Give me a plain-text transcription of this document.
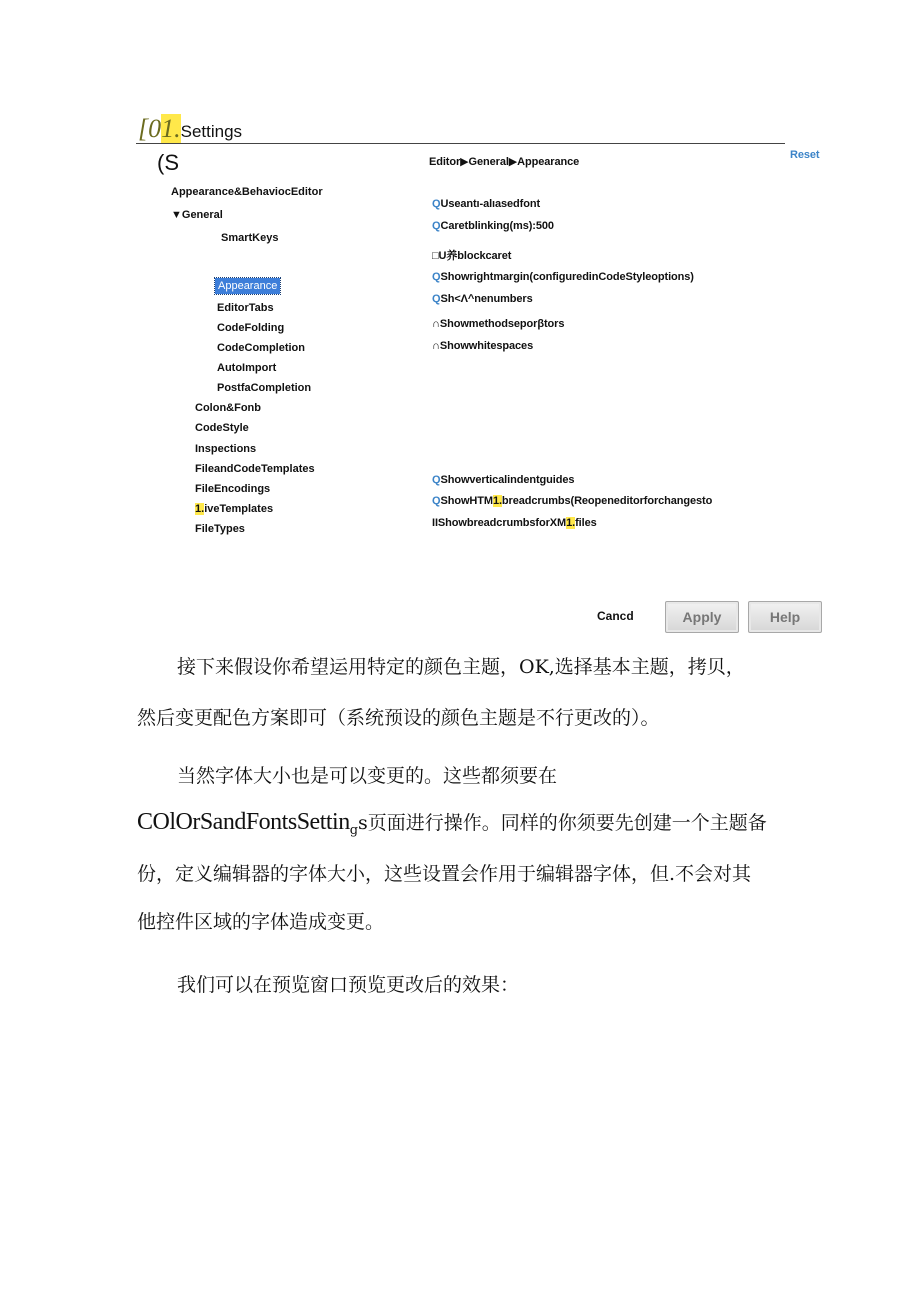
[01.Settings
(S	Editor▶General▶Appearance
Reset
Appearance&BehaviocEditor
▼General
SmartKeys
Appearance
EditorTabs
CodeFolding
CodeCompletion
AutoImport
PostfaCompletion
Colon&Fonb
CodeStyle
Inspections
FileandCodeTemplates
FileEncodings
1.iveTemplates
FileTypes
QUseantı-alıasedfont
QCaretblinking(ms):500
□U养blockcaret
QShowrightmargin(configuredinCodeStyleoptions)
QSh<Λ^nenumbers
∩Showmethodseporβtors
∩Showwhitespaces
QShowverticalindentguides
QShowHTM1.breadcrumbs(Reopeneditorforchangesto
IIShowbreadcrumbsforXM1.files
Cancd	Apply	Help
接下来假设你希望运用特定的颜色主题，OK,选择基本主题，拷贝，
然后变更配色方案即可（系统预设的颜色主题是不行更改的）。
当然字体大小也是可以变更的。这些都须要在
COlOrSandFontsSettin$_g$s页面进行操作。同样的你须要先创建一个主题备
份，定义编辑器的字体大小，这些设置会作用于编辑器字体，但.不会对其
他控件区域的字体造成变更。
我们可以在预览窗口预览更改后的效果：
